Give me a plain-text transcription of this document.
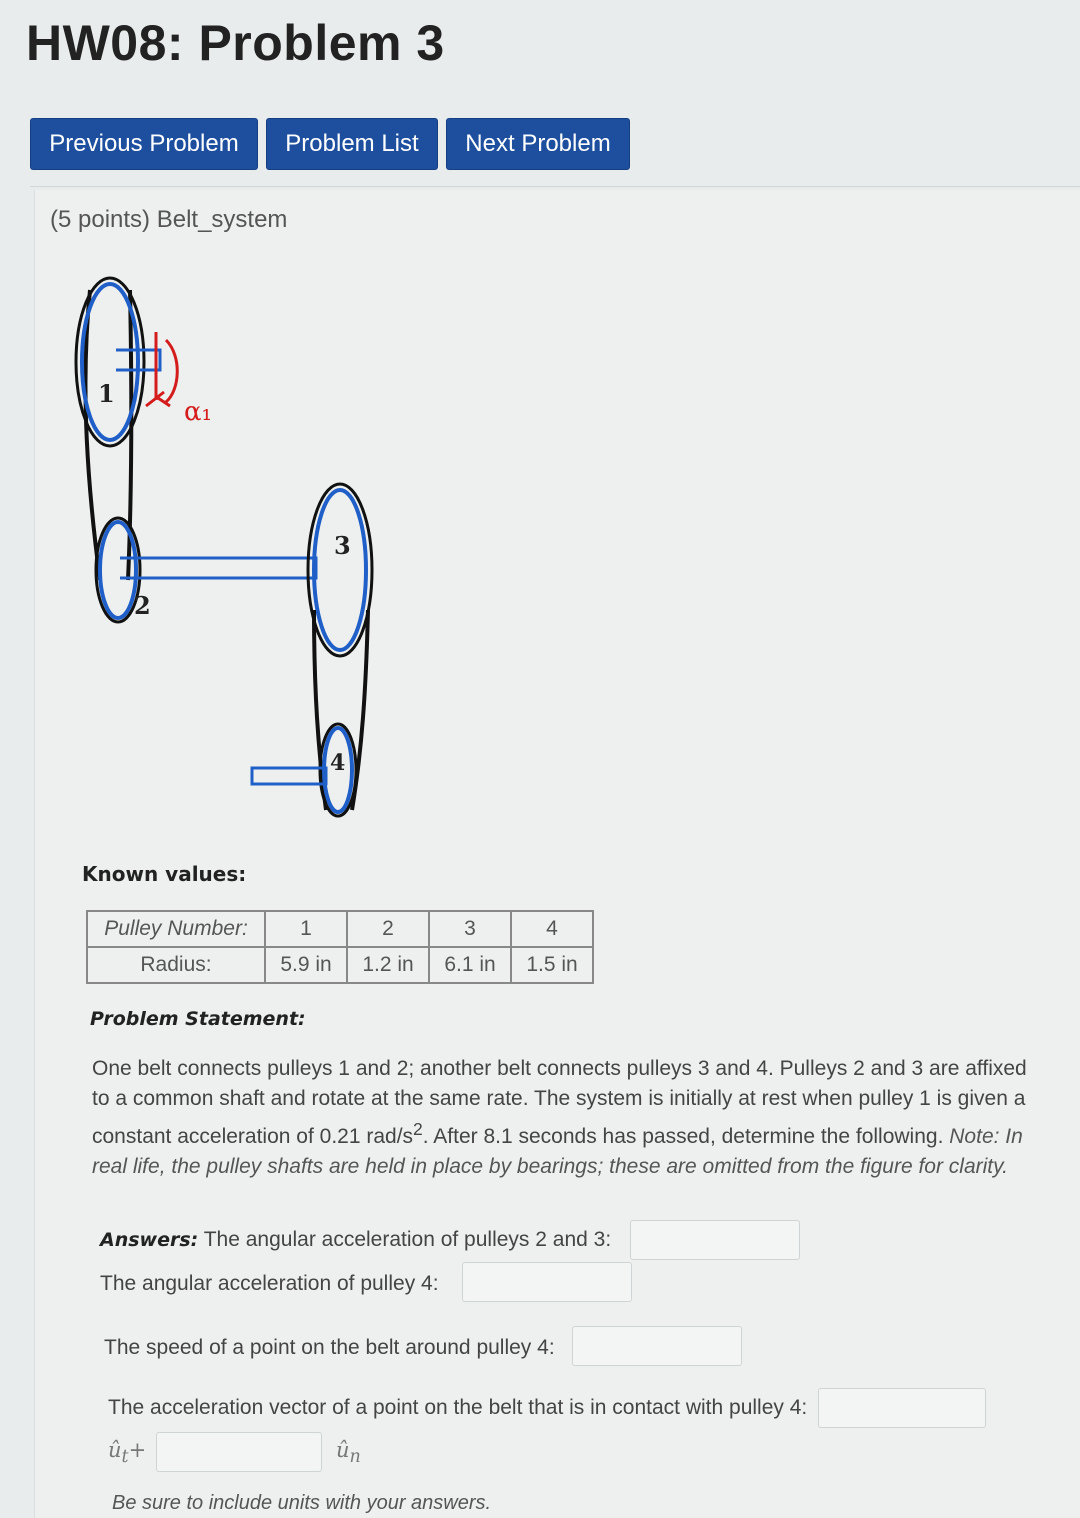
HW08: Problem 3
Previous Problem	Problem List	Next Problem
(5 points) Belt_system
α₁
1
2
3
4
Known values:
Pulley Number:	1	2	3	4
Radius:	5.9 in	1.2 in	6.1 in	1.5 in
Problem Statement:
One belt connects pulleys 1 and 2; another belt connects pulleys 3 and 4. Pulleys 2 and 3 are affixed to a common shaft and rotate at the same rate. The system is initially at rest when pulley 1 is given a constant acceleration of 0.21 rad/$s^2$. After 8.1 seconds has passed, determine the following. Note: In real life, the pulley shafts are held in place by bearings; these are omitted from the figure for clarity.
Answers: The angular acceleration of pulleys 2 and 3:
The angular acceleration of pulley 4:
The speed of a point on the belt around pulley 4:
The acceleration vector of a point on the belt that is in contact with pulley 4:
$û_t+$	$û_n$
Be sure to include units with your answers.
